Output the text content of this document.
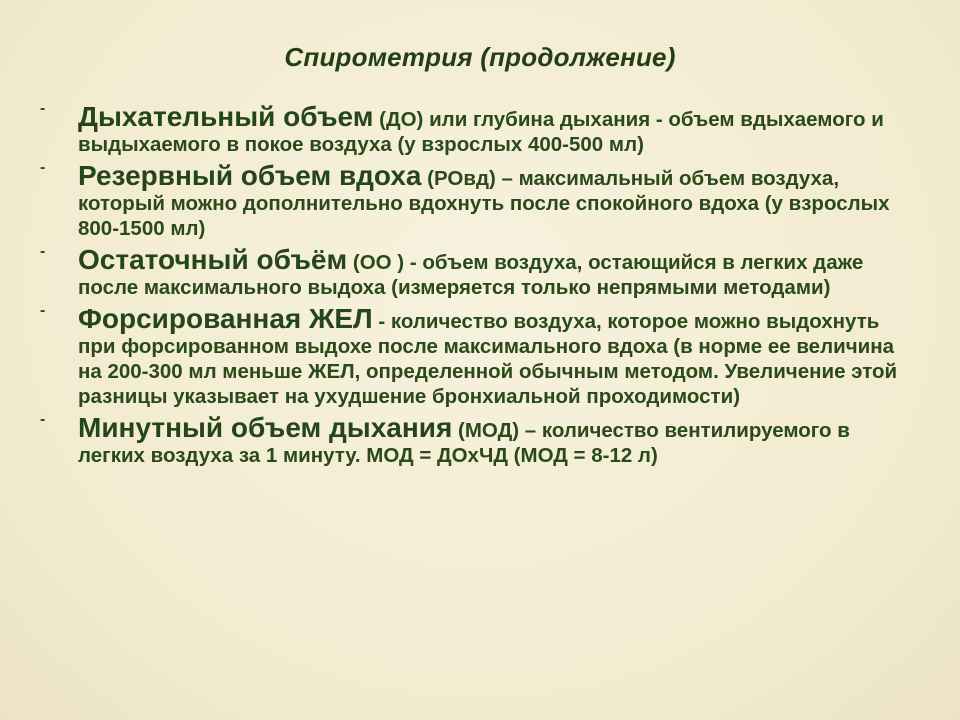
Спирометрия (продолжение)
- Дыхательный объем (ДО) или глубина дыхания - объем вдыхаемого и выдыхаемого в покое воздуха (у взрослых 400-500 мл)
- Резервный объем вдоха (РОвд) – максимальный объем воздуха, который можно дополнительно вдохнуть после спокойного вдоха (у взрослых 800-1500 мл)
- Остаточный объём (ОО ) - объем воздуха, остающийся в легких даже после максимального выдоха (измеряется только непрямыми методами)
- Форсированная ЖЕЛ - количество воздуха, которое можно выдохнуть при форсированном выдохе после максимального вдоха (в норме ее величина на 200-300 мл меньше ЖЕЛ, определенной обычным методом. Увеличение этой разницы указывает на ухудшение бронхиальной проходимости)
- Минутный объем дыхания (МОД) – количество вентилируемого в легких воздуха за 1 минуту. МОД = ДОхЧД (МОД = 8-12 л)
